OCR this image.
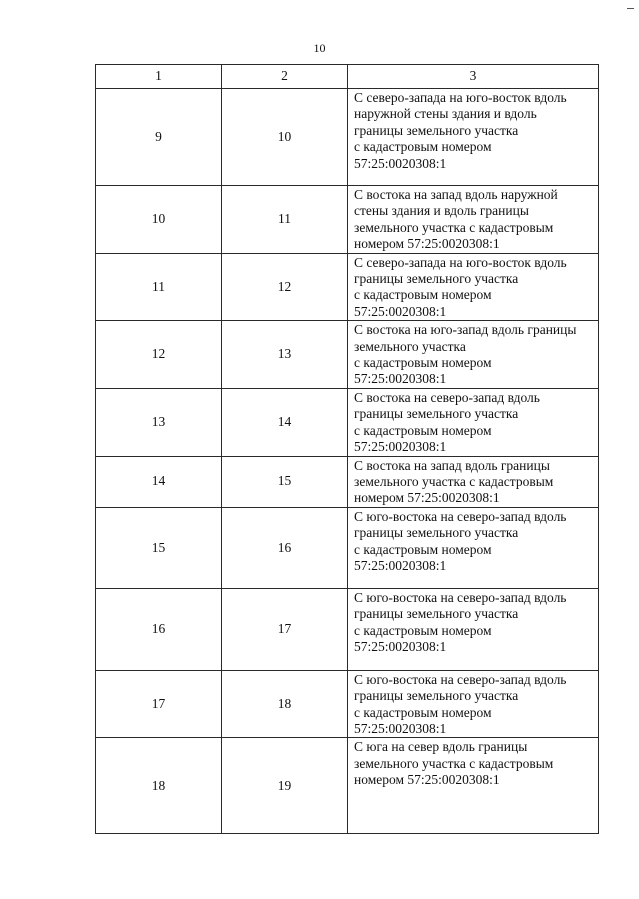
10
1	2	3
9	10	С северо-запада на юго-восток вдоль
наружной стены здания и вдоль
границы земельного участка
с кадастровым номером
57:25:0020308:1

10	11	С востока на запад вдоль наружной
стены здания и вдоль границы
земельного участка с кадастровым
номером 57:25:0020308:1

11	12	С северо-запада на юго-восток вдоль
границы земельного участка
с кадастровым номером
57:25:0020308:1

12	13	С востока на юго-запад вдоль границы
земельного участка
с кадастровым номером
57:25:0020308:1

13	14	С востока на северо-запад вдоль
границы земельного участка
с кадастровым номером
57:25:0020308:1

14	15	С востока на запад вдоль границы
земельного участка с кадастровым
номером 57:25:0020308:1

15	16	С юго-востока на северо-запад вдоль
границы земельного участка
с кадастровым номером
57:25:0020308:1

16	17	С юго-востока на северо-запад вдоль
границы земельного участка
с кадастровым номером
57:25:0020308:1

17	18	С юго-востока на северо-запад вдоль
границы земельного участка
с кадастровым номером
57:25:0020308:1

18	19	С юга на север вдоль границы
земельного участка с кадастровым
номером 57:25:0020308:1
